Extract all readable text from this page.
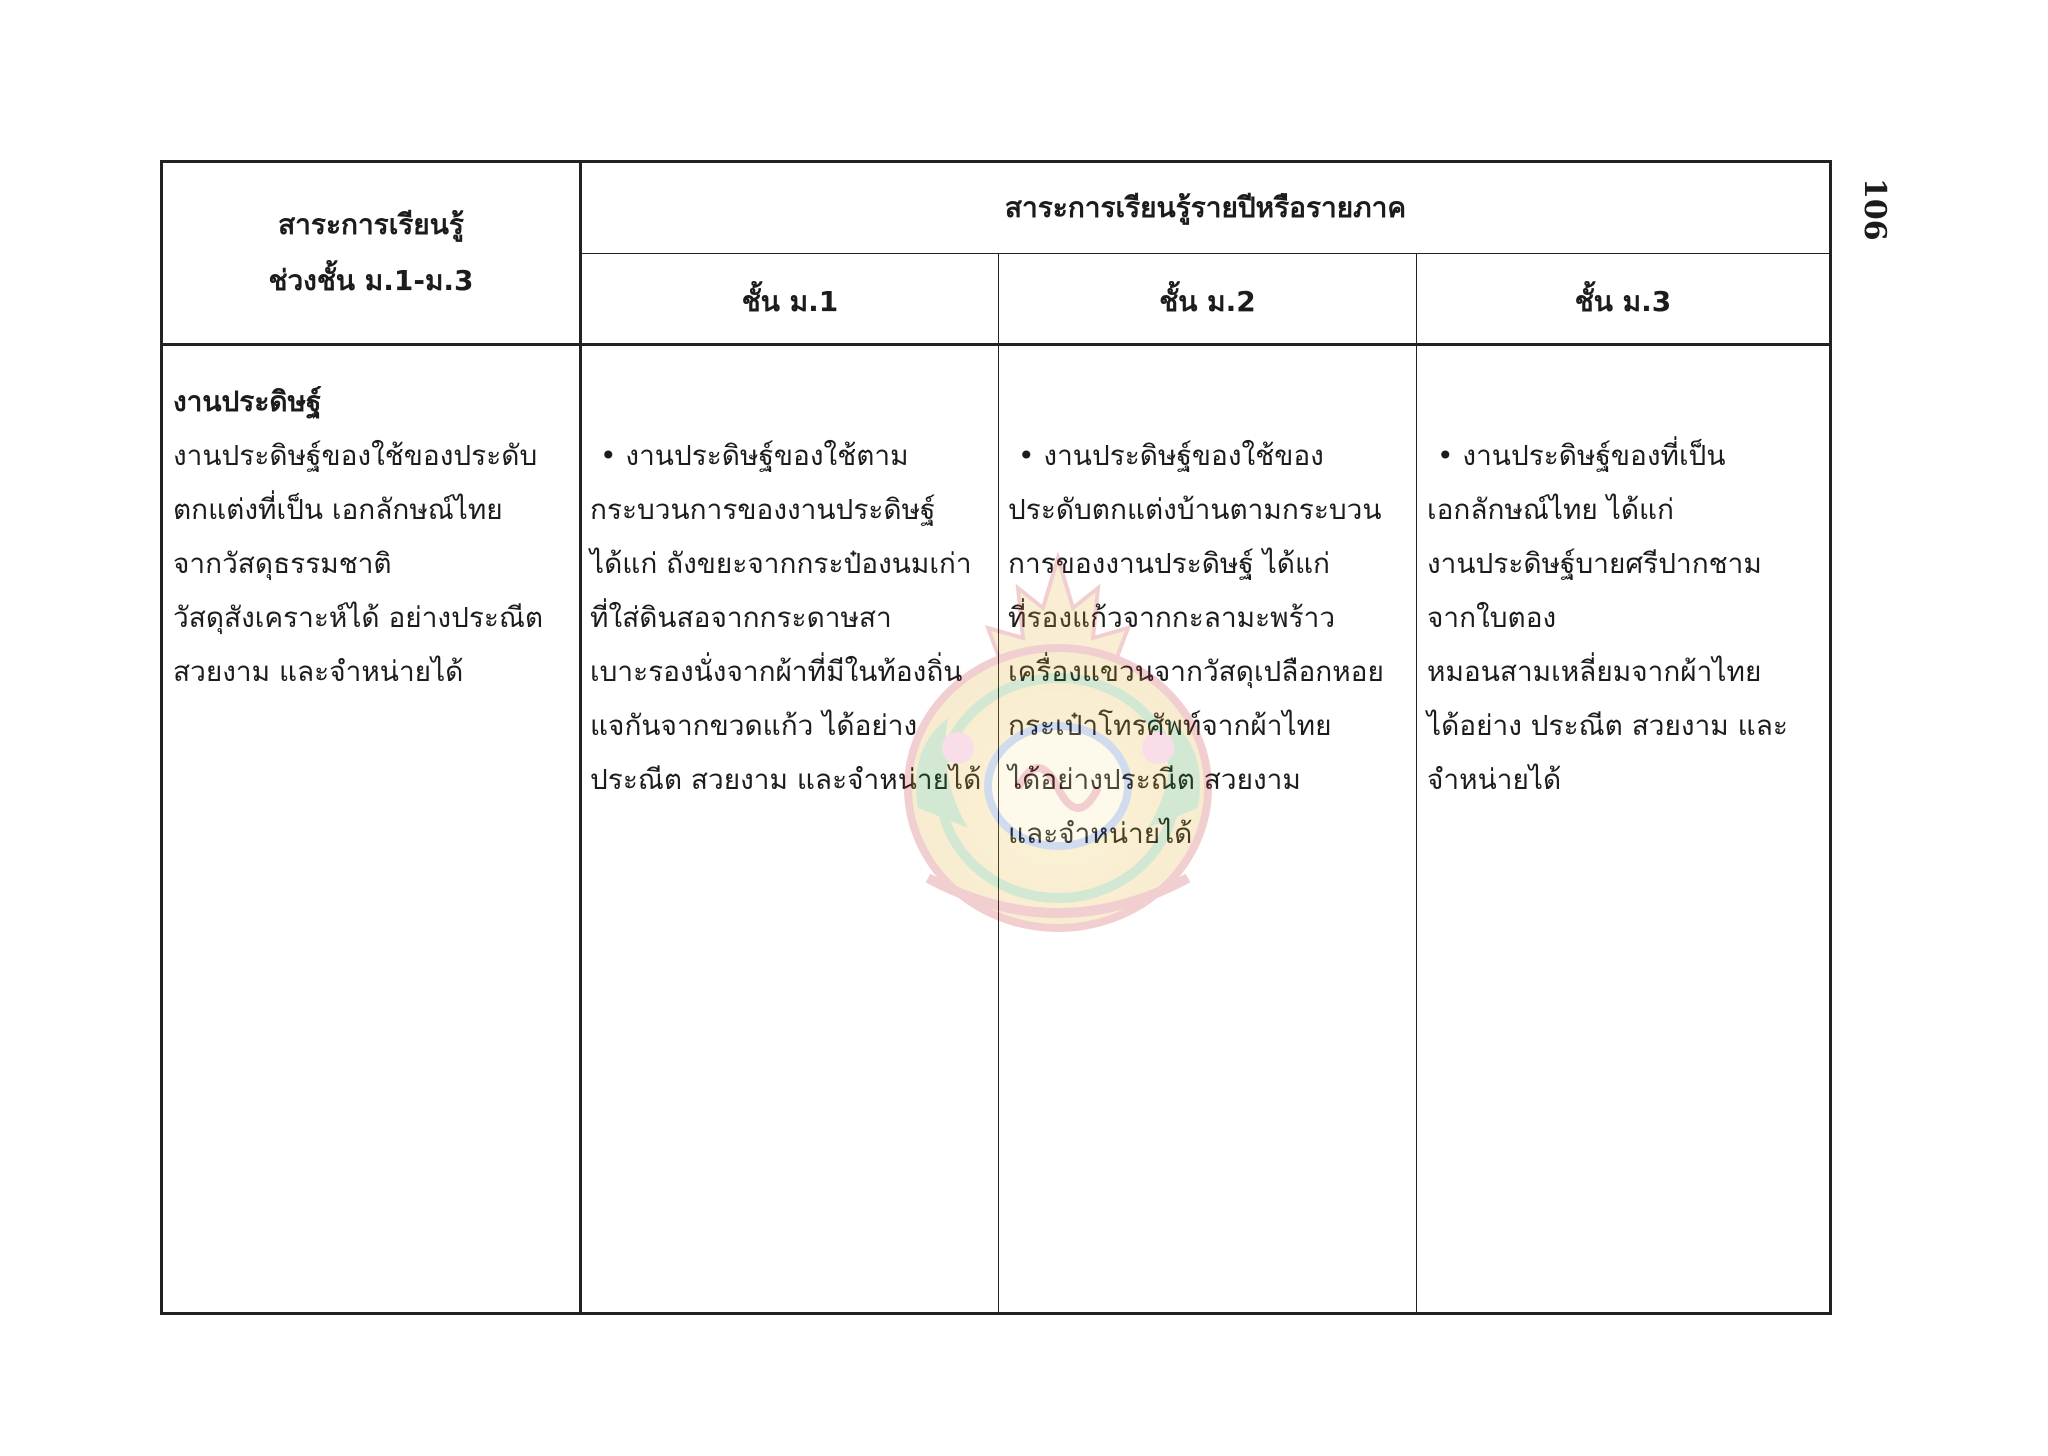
106
สาระการเรียนรู้
ช่วงชั้น ม.1-ม.3
สาระการเรียนรู้รายปีหรือรายภาค
ชั้น ม.1	ชั้น ม.2	ชั้น ม.3
งานประดิษฐ์
งานประดิษฐ์ของใช้ของประดับ
ตกแต่งที่เป็น เอกลักษณ์ไทย
จากวัสดุธรรมชาติ
วัสดุสังเคราะห์ได้ อย่างประณีต
สวยงาม และจำหน่ายได้
• งานประดิษฐ์ของใช้ตาม
กระบวนการของงานประดิษฐ์
ได้แก่ ถังขยะจากกระป๋องนมเก่า
ที่ใส่ดินสอจากกระดาษสา
เบาะรองนั่งจากผ้าที่มีในท้องถิ่น
แจกันจากขวดแก้ว ได้อย่าง
ประณีต สวยงาม และจำหน่ายได้
• งานประดิษฐ์ของใช้ของ
ประดับตกแต่งบ้านตามกระบวน
การของงานประดิษฐ์ ได้แก่
ที่รองแก้วจากกะลามะพร้าว
เครื่องแขวนจากวัสดุเปลือกหอย
กระเป๋าโทรศัพท์จากผ้าไทย
ได้อย่างประณีต สวยงาม
และจำหน่ายได้
• งานประดิษฐ์ของที่เป็น
เอกลักษณ์ไทย ได้แก่
งานประดิษฐ์บายศรีปากชาม
จากใบตอง
หมอนสามเหลี่ยมจากผ้าไทย
ได้อย่าง ประณีต สวยงาม และ
จำหน่ายได้
